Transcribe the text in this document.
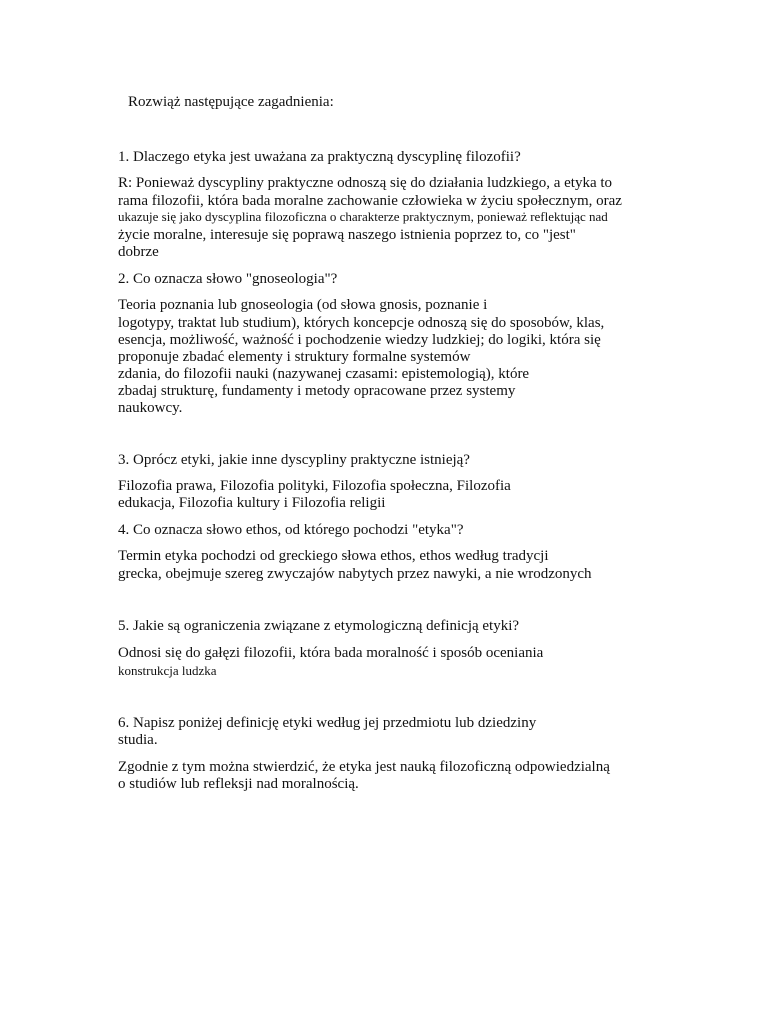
Rozwiąż następujące zagadnienia:
1. Dlaczego etyka jest uważana za praktyczną dyscyplinę filozofii?
R: Ponieważ dyscypliny praktyczne odnoszą się do działania ludzkiego, a etyka to
rama filozofii, która bada moralne zachowanie człowieka w życiu społecznym, oraz
ukazuje się jako dyscyplina filozoficzna o charakterze praktycznym, ponieważ reflektując nad
życie moralne, interesuje się poprawą naszego istnienia poprzez to, co "jest"
dobrze
2. Co oznacza słowo "gnoseologia"?
Teoria poznania lub gnoseologia (od słowa gnosis, poznanie i
logotypy, traktat lub studium), których koncepcje odnoszą się do sposobów, klas,
esencja, możliwość, ważność i pochodzenie wiedzy ludzkiej; do logiki, która się
proponuje zbadać elementy i struktury formalne systemów
zdania, do filozofii nauki (nazywanej czasami: epistemologią), które
zbadaj strukturę, fundamenty i metody opracowane przez systemy
naukowcy.
3. Oprócz etyki, jakie inne dyscypliny praktyczne istnieją?
Filozofia prawa, Filozofia polityki, Filozofia społeczna, Filozofia
edukacja, Filozofia kultury i Filozofia religii
4. Co oznacza słowo ethos, od którego pochodzi "etyka"?
Termin etyka pochodzi od greckiego słowa ethos, ethos według tradycji
grecka, obejmuje szereg zwyczajów nabytych przez nawyki, a nie wrodzonych
5. Jakie są ograniczenia związane z etymologiczną definicją etyki?
Odnosi się do gałęzi filozofii, która bada moralność i sposób oceniania
konstrukcja ludzka
6. Napisz poniżej definicję etyki według jej przedmiotu lub dziedziny
studia.
Zgodnie z tym można stwierdzić, że etyka jest nauką filozoficzną odpowiedzialną
o studiów lub refleksji nad moralnością.
